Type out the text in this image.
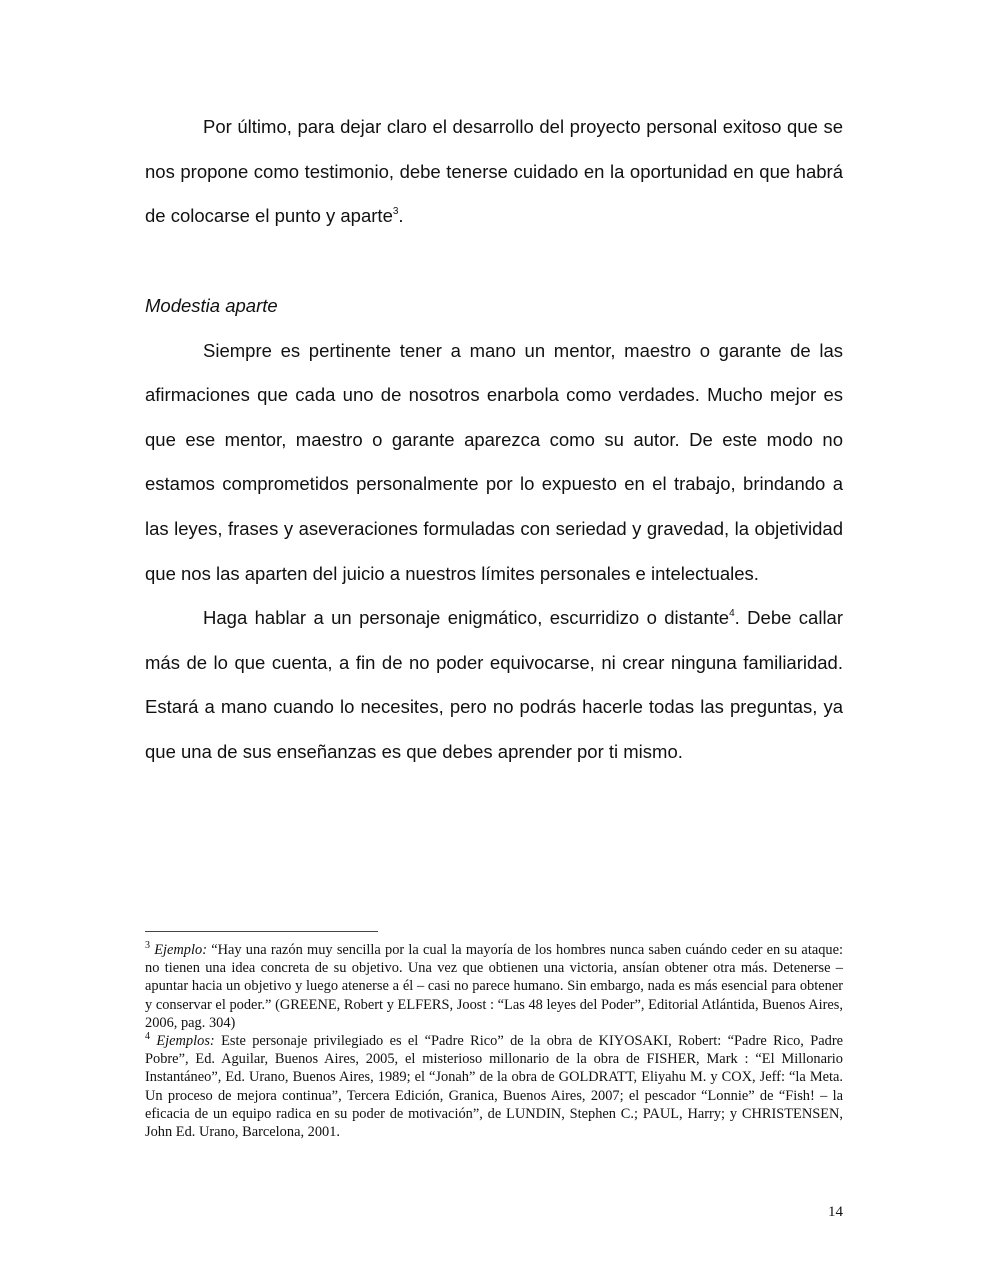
Por último, para dejar claro el desarrollo del proyecto personal exitoso que se nos propone como testimonio, debe tenerse cuidado en la oportunidad en que habrá de colocarse el punto y aparte$^3$.

Modestia aparte

Siempre es pertinente tener a mano un mentor, maestro o garante de las afirmaciones que cada uno de nosotros enarbola como verdades. Mucho mejor es que ese mentor, maestro o garante aparezca como su autor. De este modo no estamos comprometidos personalmente por lo expuesto en el trabajo, brindando a las leyes, frases y aseveraciones formuladas con seriedad y gravedad, la objetividad que nos las aparten del juicio a nuestros límites personales e intelectuales.

Haga hablar a un personaje enigmático, escurridizo o distante$^4$. Debe callar más de lo que cuenta, a fin de no poder equivocarse, ni crear ninguna familiaridad. Estará a mano cuando lo necesites, pero no podrás hacerle todas las preguntas, ya que una de sus enseñanzas es que debes aprender por ti mismo.

$^3$ Ejemplo: “Hay una razón muy sencilla por la cual la mayoría de los hombres nunca saben cuándo ceder en su ataque: no tienen una idea concreta de su objetivo. Una vez que obtienen una victoria, ansían obtener otra más. Detenerse – apuntar hacia un objetivo y luego atenerse a él – casi no parece humano. Sin embargo, nada es más esencial para obtener y conservar el poder.” (GREENE, Robert y ELFERS, Joost : “Las 48 leyes del Poder”, Editorial Atlántida, Buenos Aires, 2006, pag. 304)

$^4$ Ejemplos: Este personaje privilegiado es el “Padre Rico” de la obra de KIYOSAKI, Robert: “Padre Rico, Padre Pobre”, Ed. Aguilar, Buenos Aires, 2005, el misterioso millonario de la obra de FISHER, Mark : “El Millonario Instantáneo”, Ed. Urano, Buenos Aires, 1989; el “Jonah” de la obra de GOLDRATT, Eliyahu M. y COX, Jeff: “la Meta. Un proceso de mejora continua”, Tercera Edición, Granica, Buenos Aires, 2007; el pescador “Lonnie” de “Fish! – la eficacia de un equipo radica en su poder de motivación”, de LUNDIN, Stephen C.; PAUL, Harry; y CHRISTENSEN, John Ed. Urano, Barcelona, 2001.

14
